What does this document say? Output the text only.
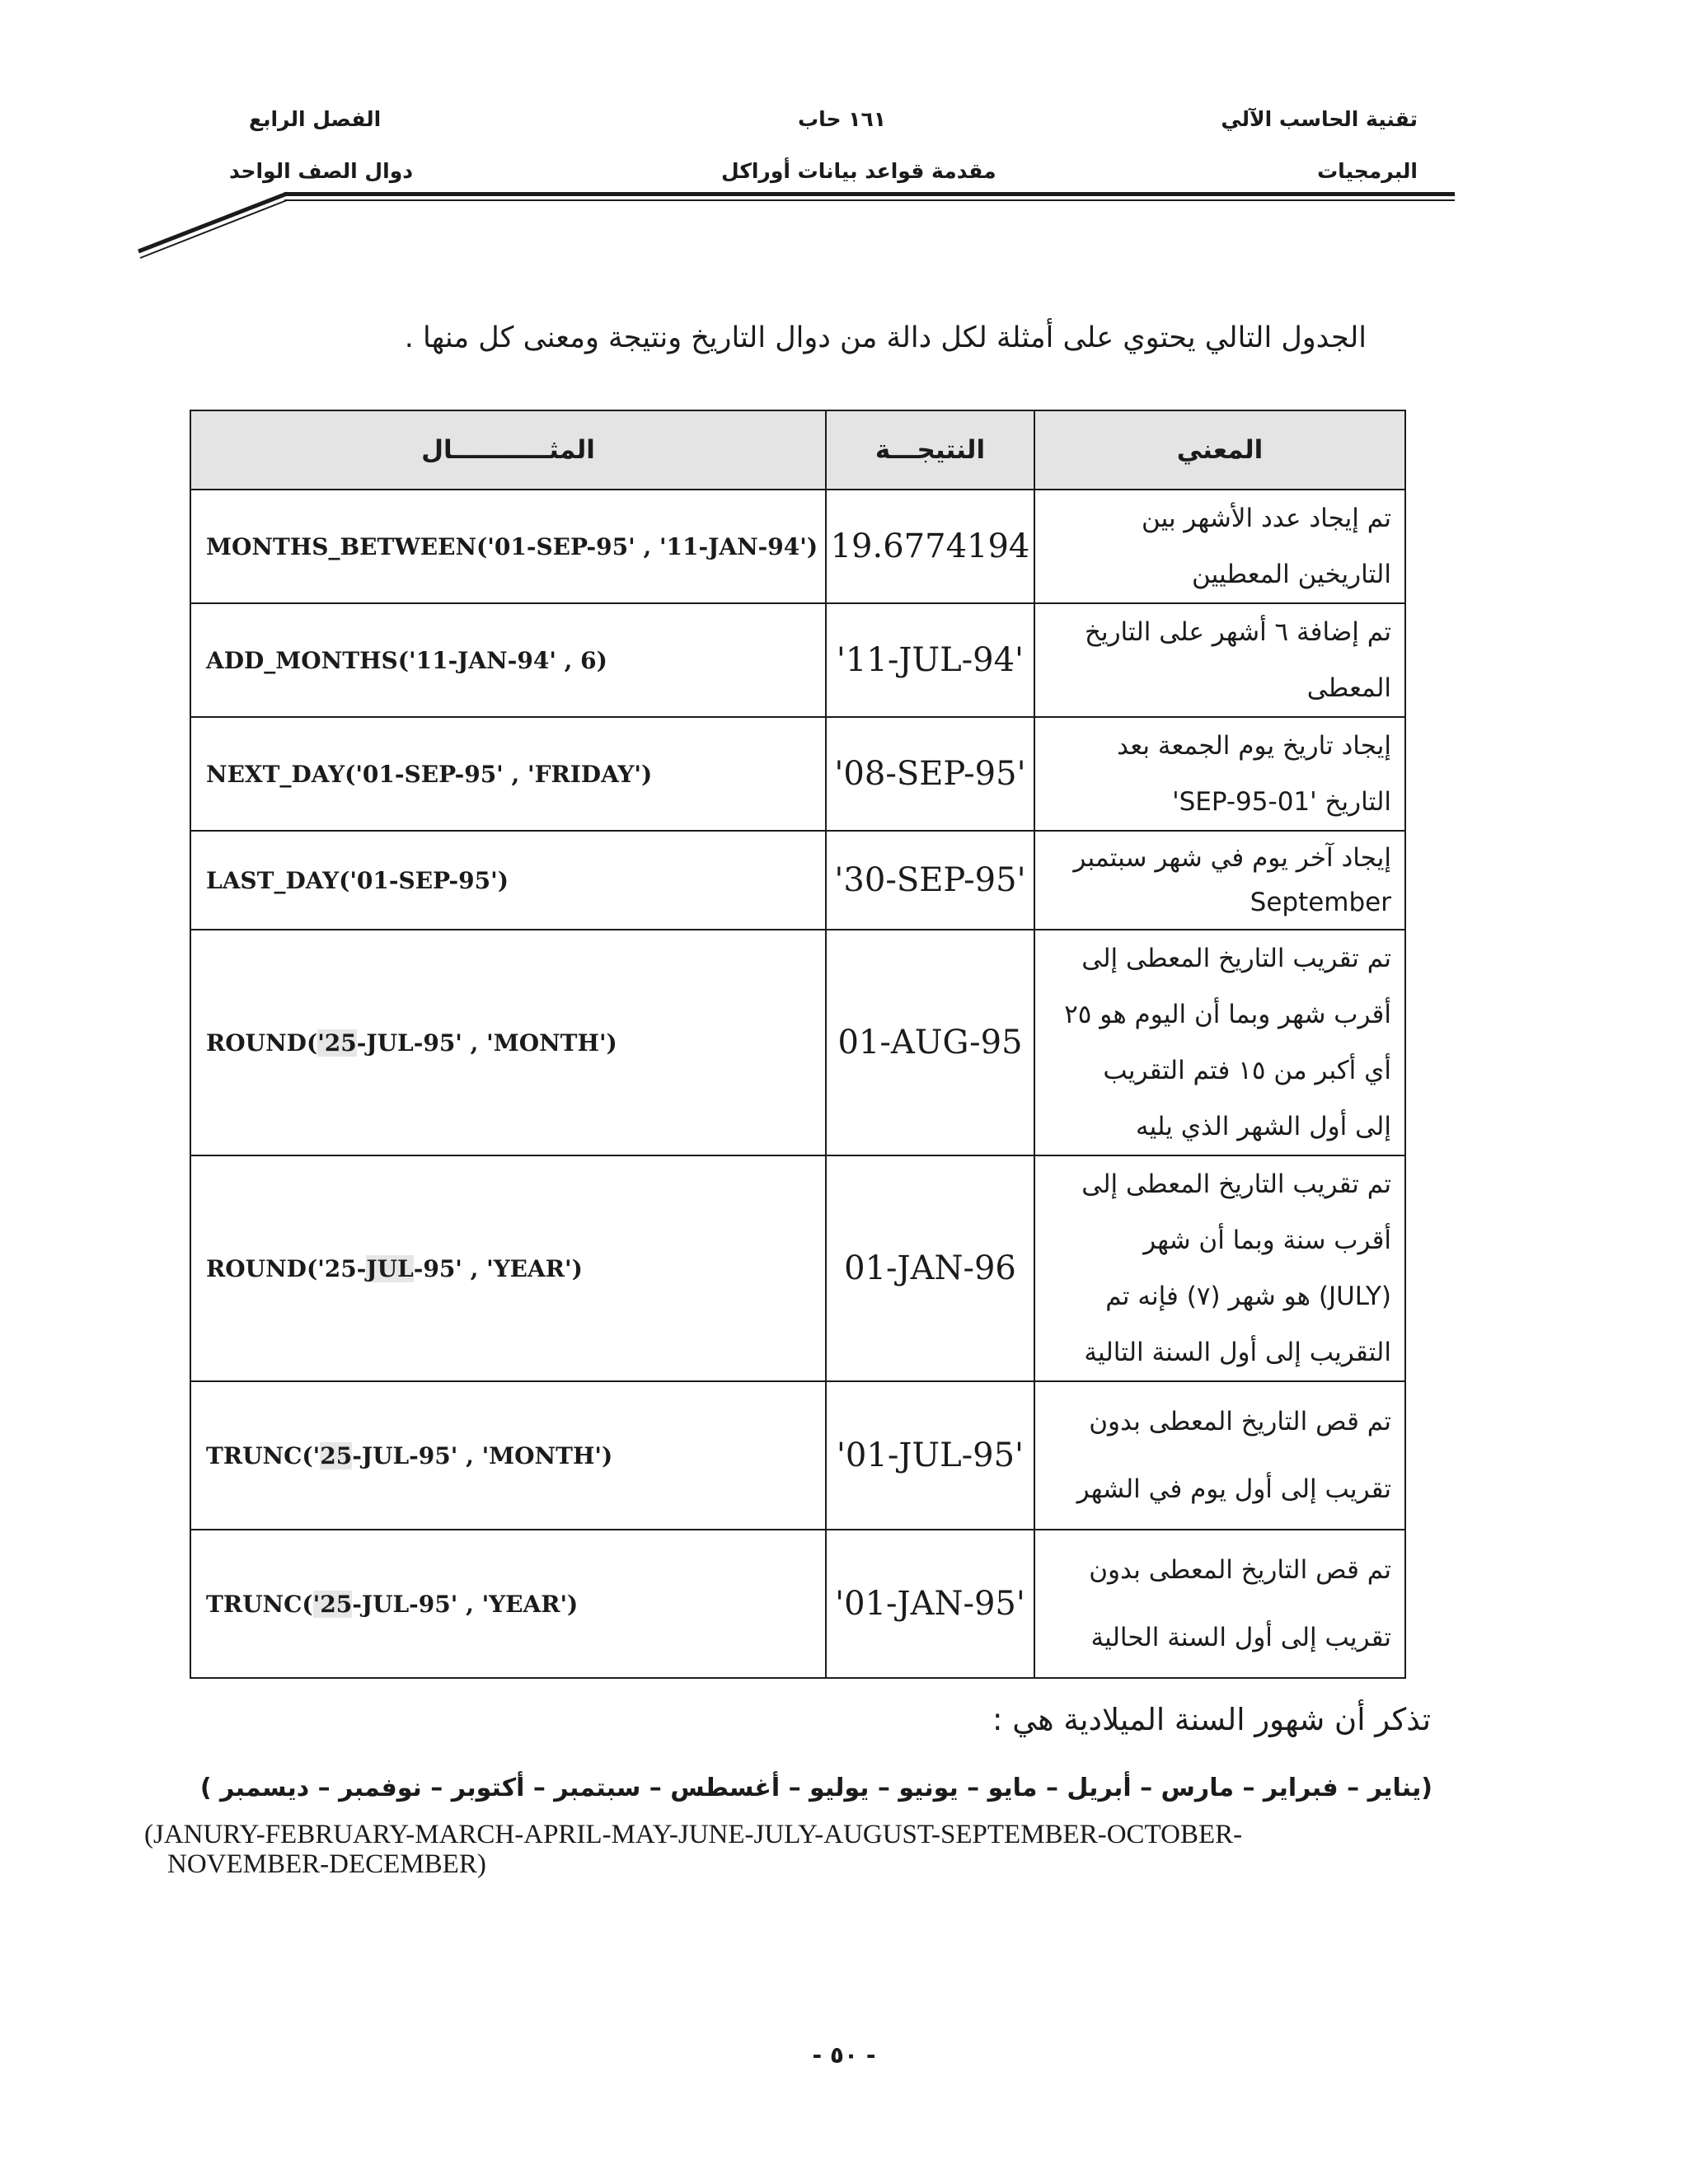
تقنية الحاسب الآلي
البرمجيات
١٦١ حاب
مقدمة قواعد بيانات أوراكل
الفصل الرابع
دوال الصف الواحد
الجدول التالي يحتوي على أمثلة لكل دالة من دوال التاريخ ونتيجة ومعنى كل منها .
المثـــــــــــال	النتيجـــة	المعني
MONTHS_BETWEEN('01-SEP-95' , '11-JAN-94')	19.6774194	تم إيجاد عدد الأشهر بين
التاريخين المعطيين

ADD_MONTHS('11-JAN-94' , 6)	'11-JUL-94'	تم إضافة ٦ أشهر على التاريخ
المعطى

NEXT_DAY('01-SEP-95' , 'FRIDAY')	'08-SEP-95'	إيجاد تاريخ يوم الجمعة بعد
التاريخ '01-SEP-95'

LAST_DAY('01-SEP-95')	'30-SEP-95'	إيجاد آخر يوم في شهر سبتمبر
September

ROUND('25-JUL-95' , 'MONTH')	01-AUG-95	تم تقريب التاريخ المعطى إلى
أقرب شهر وبما أن اليوم هو ٢٥
أي أكبر من ١٥ فتم التقريب
إلى أول الشهر الذي يليه

ROUND('25-JUL-95' , 'YEAR')	01-JAN-96	تم تقريب التاريخ المعطى إلى
أقرب سنة وبما أن شهر
(JULY) هو شهر (٧) فإنه تم
التقريب إلى أول السنة التالية

TRUNC('25-JUL-95' , 'MONTH')	'01-JUL-95'	تم قص التاريخ المعطى بدون
تقريب إلى أول يوم في الشهر

TRUNC('25-JUL-95' , 'YEAR')	'01-JAN-95'	تم قص التاريخ المعطى بدون
تقريب إلى أول السنة الحالية
تذكر أن شهور السنة الميلادية هي :
(يناير – فبراير – مارس – أبريل – مايو – يونيو – يوليو – أغسطس – سبتمبر – أكتوبر – نوفمبر – ديسمبر )
(JANURY-FEBRUARY-MARCH-APRIL-MAY-JUNE-JULY-AUGUST-SEPTEMBER-OCTOBER-
NOVEMBER-DECEMBER)
- ٥٠ -
